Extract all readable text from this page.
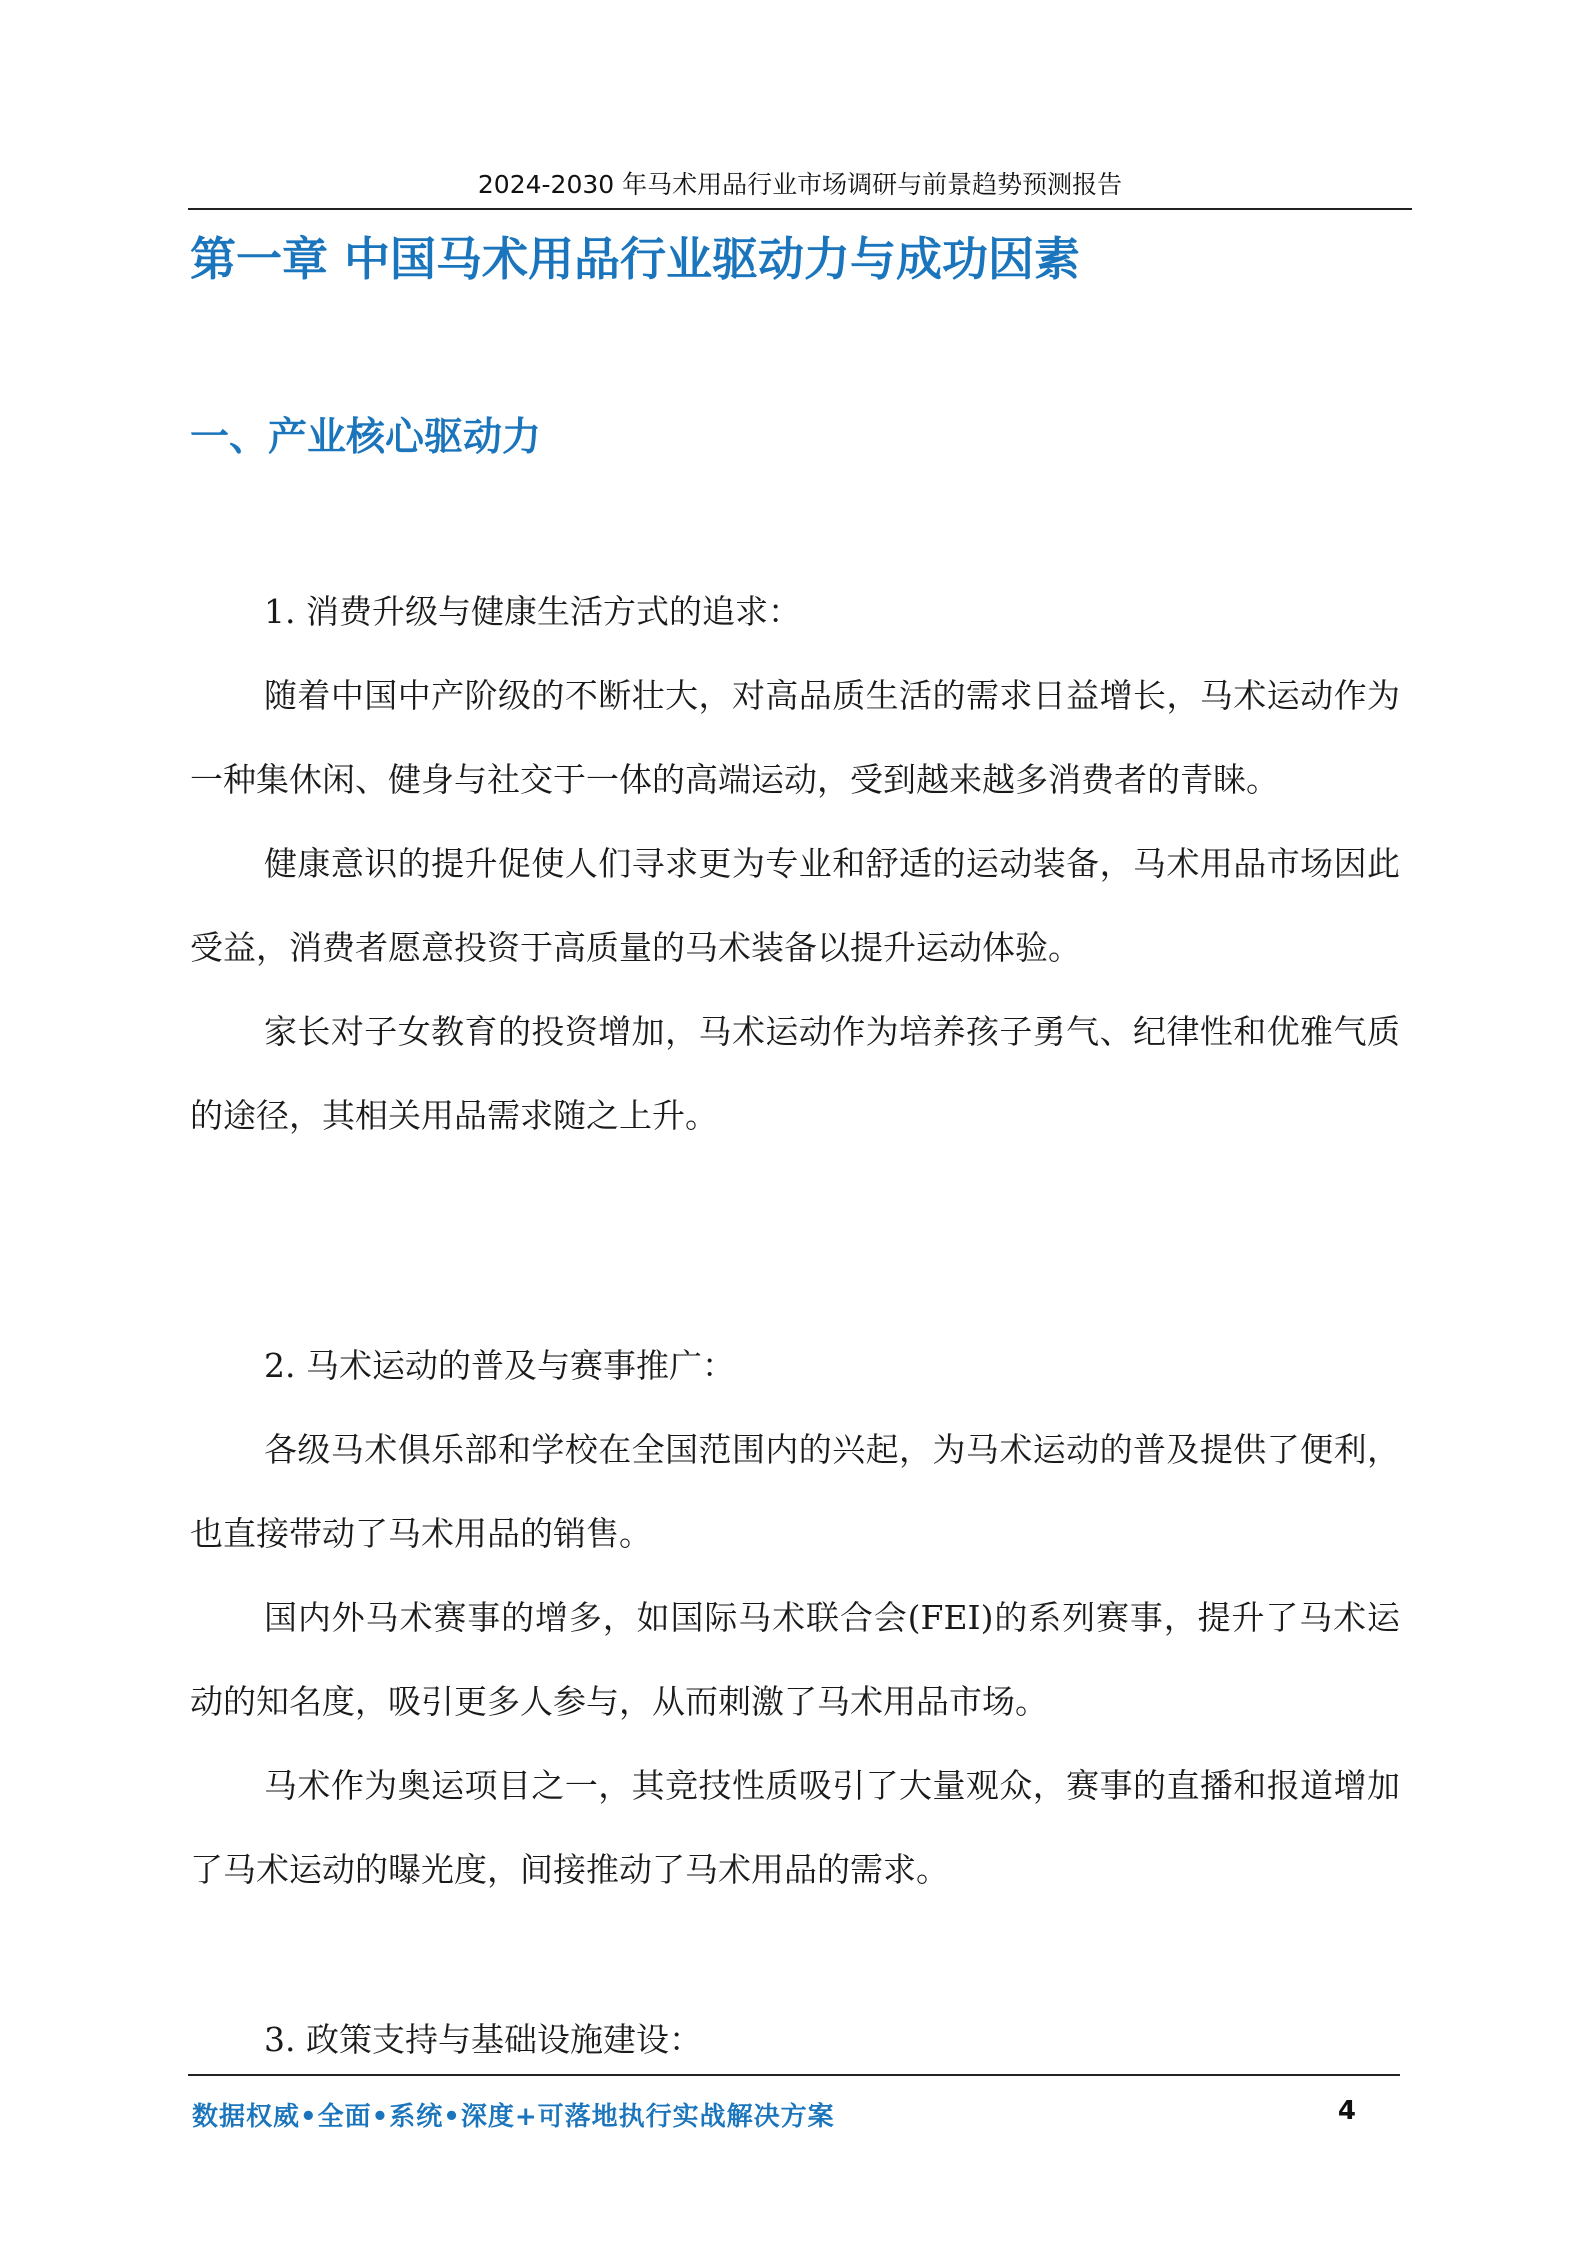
2024-2030 年马术用品行业市场调研与前景趋势预测报告
第一章 中国马术用品行业驱动力与成功因素
一、产业核心驱动力

1. 消费升级与健康生活方式的追求：

随着中国中产阶级的不断壮大，对高品质生活的需求日益增长，马术运动作为一种集休闲、健身与社交于一体的高端运动，受到越来越多消费者的青睐。

健康意识的提升促使人们寻求更为专业和舒适的运动装备，马术用品市场因此受益，消费者愿意投资于高质量的马术装备以提升运动体验。

家长对子女教育的投资增加，马术运动作为培养孩子勇气、纪律性和优雅气质的途径，其相关用品需求随之上升。

2. 马术运动的普及与赛事推广：

各级马术俱乐部和学校在全国范围内的兴起，为马术运动的普及提供了便利，也直接带动了马术用品的销售。

国内外马术赛事的增多，如国际马术联合会(FEI)的系列赛事，提升了马术运动的知名度，吸引更多人参与，从而刺激了马术用品市场。

马术作为奥运项目之一，其竞技性质吸引了大量观众，赛事的直播和报道增加了马术运动的曝光度，间接推动了马术用品的需求。

3. 政策支持与基础设施建设：

数据权威•全面•系统•深度+可落地执行实战解决方案	4
